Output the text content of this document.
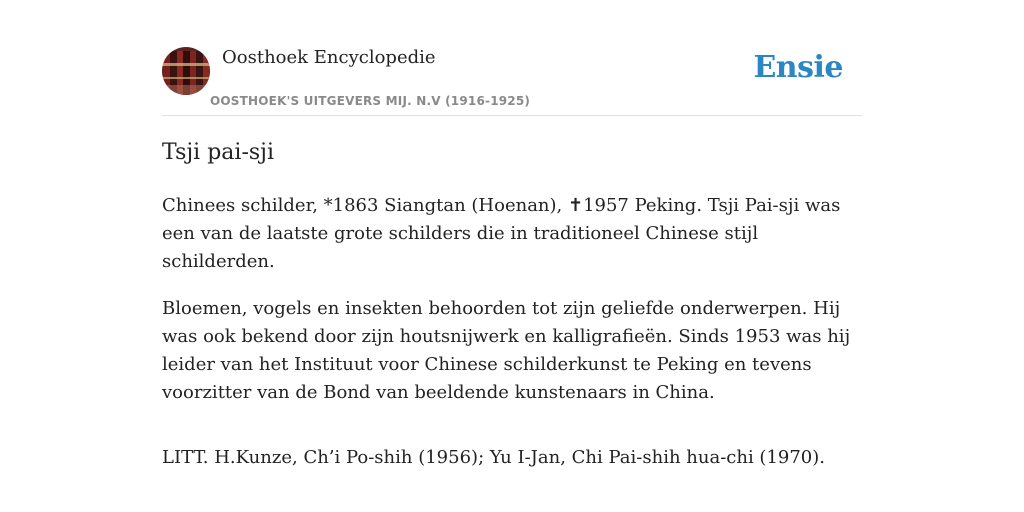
Oosthoek Encyclopedie
OOSTHOEK'S UITGEVERS MIJ. N.V (1916-1925)
Ensie
Tsji pai-sji

Chinees schilder, *1863 Siangtan (Hoenan), ✝1957 Peking. Tsji Pai-sji was een van de laatste grote schilders die in traditioneel Chinese stijl schilderden.

Bloemen, vogels en insekten behoorden tot zijn geliefde onderwerpen. Hij was ook bekend door zijn houtsnijwerk en kalligrafieën. Sinds 1953 was hij leider van het Instituut voor Chinese schilderkunst te Peking en tevens voorzitter van de Bond van beeldende kunstenaars in China.

LITT. H.Kunze, Ch’i Po-shih (1956); Yu I-Jan, Chi Pai-shih hua-chi (1970).
